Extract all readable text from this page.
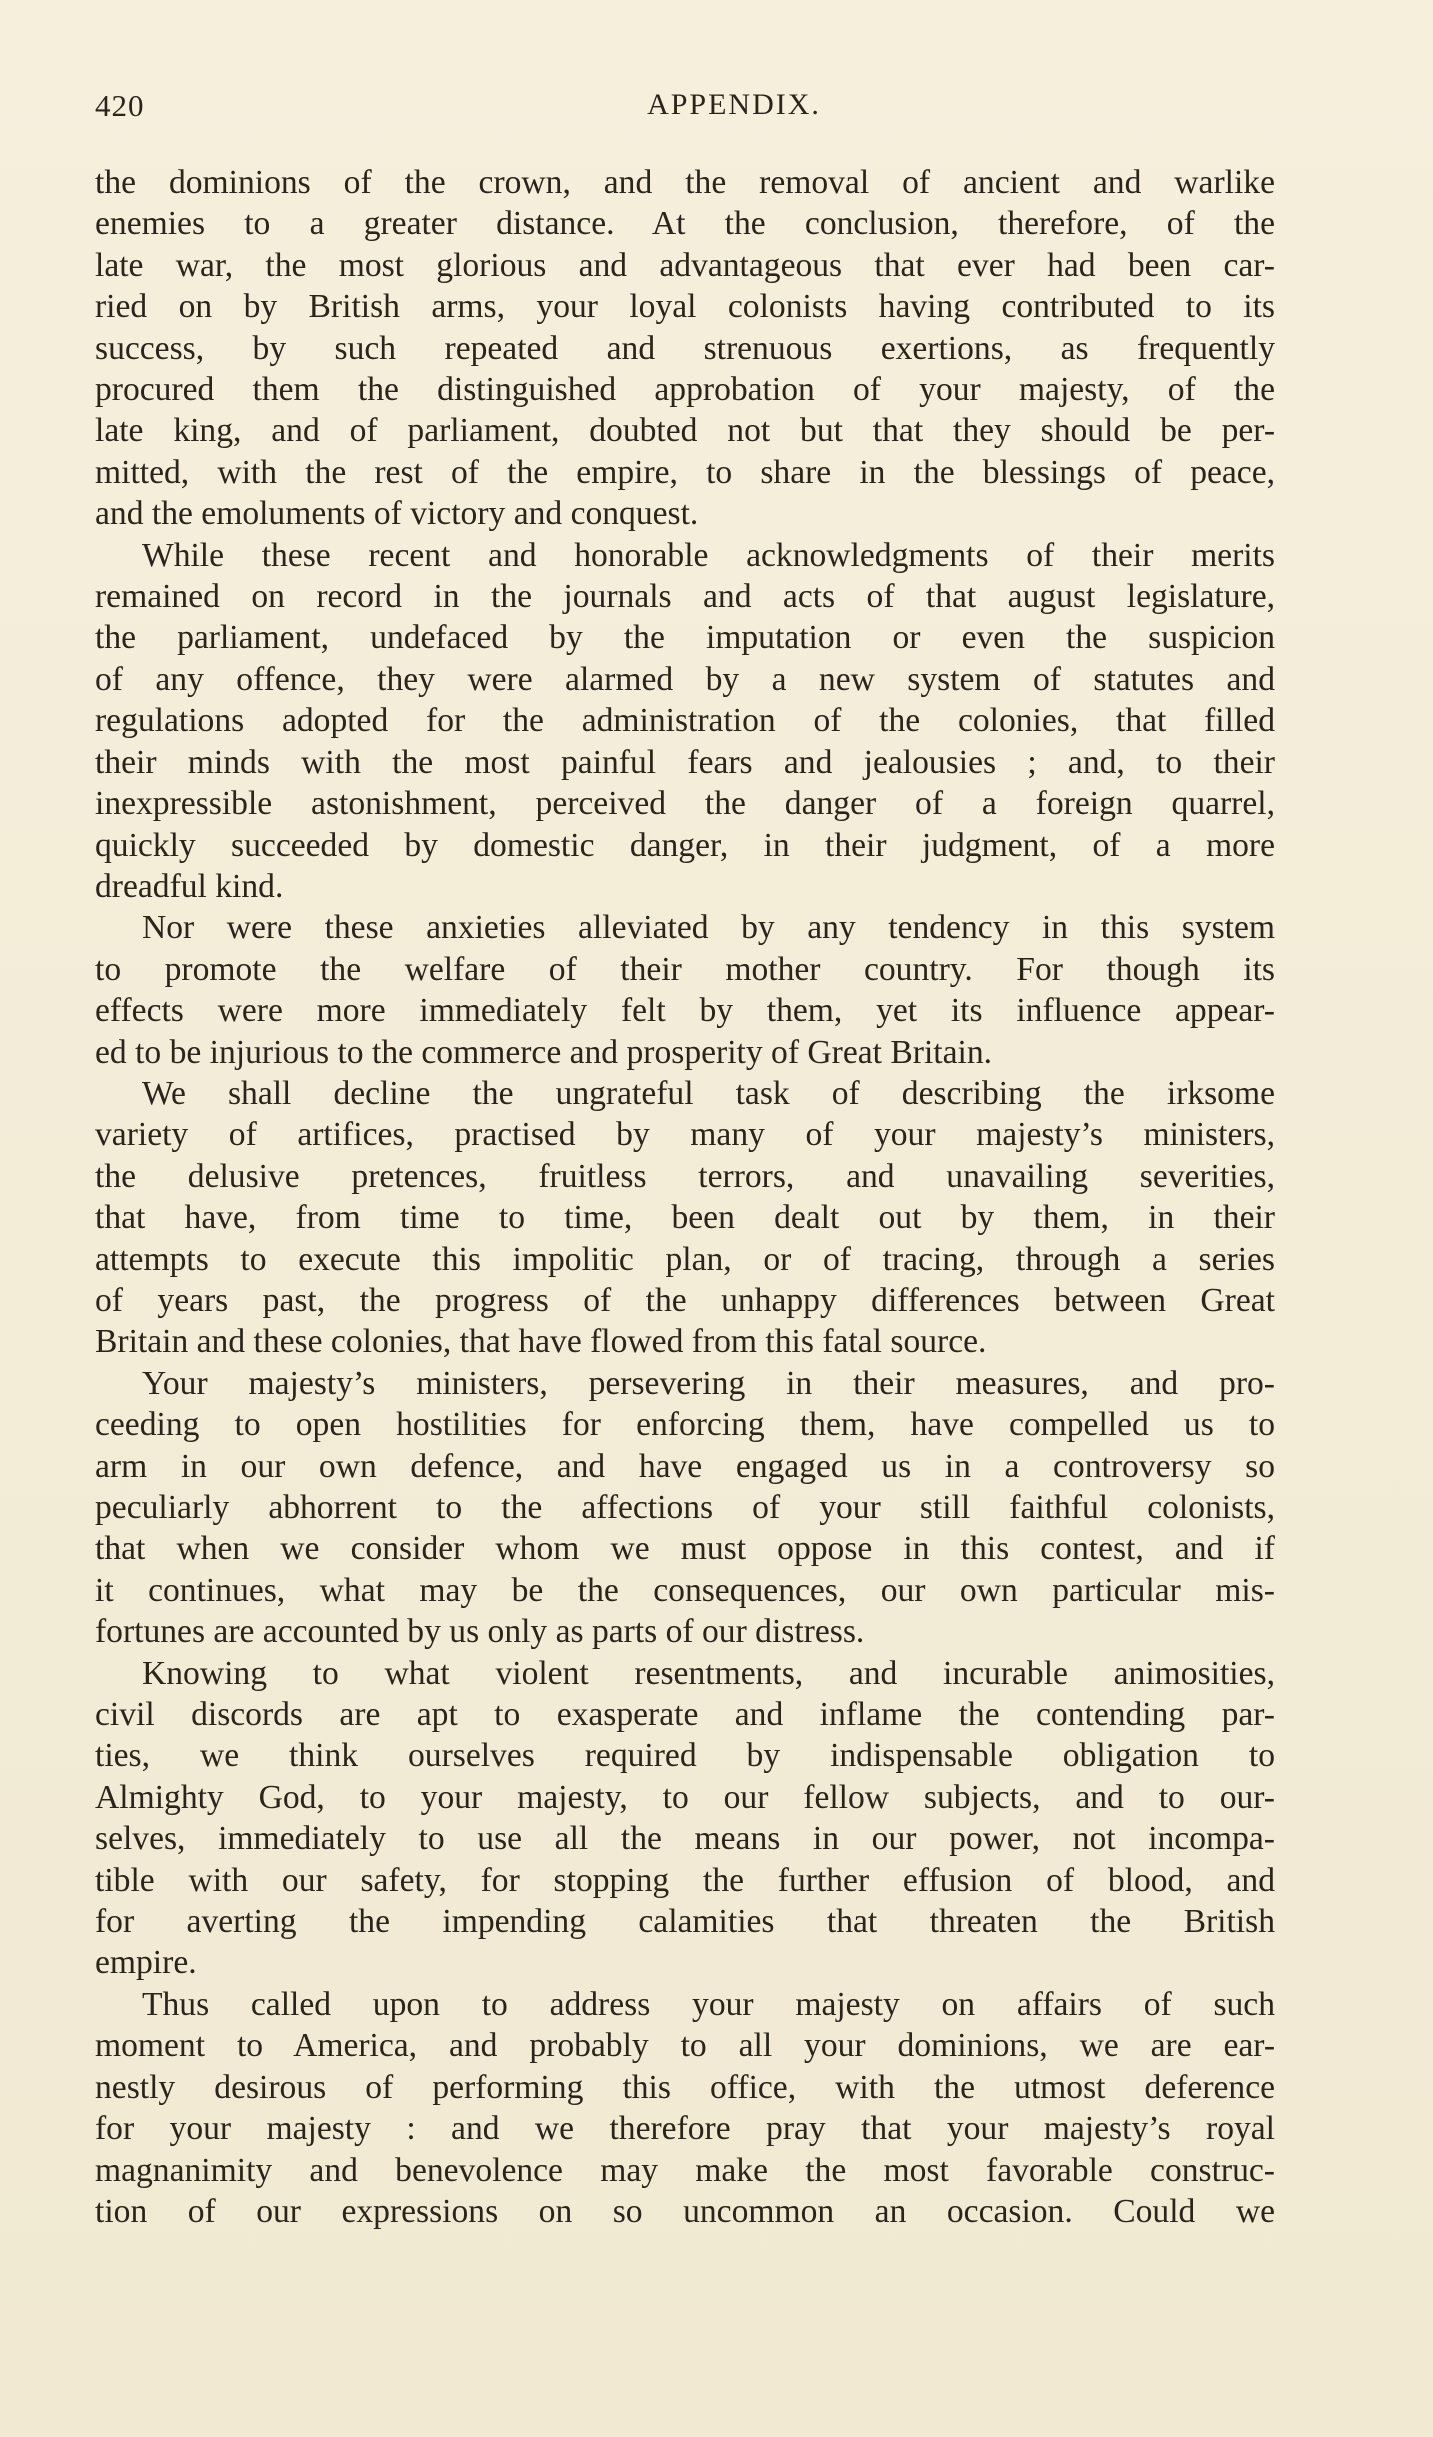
420	APPENDIX.
the dominions of the crown, and the removal of ancient and warlike
enemies to a greater distance. At the conclusion, therefore, of the
late war, the most glorious and advantageous that ever had been car-
ried on by British arms, your loyal colonists having contributed to its
success, by such repeated and strenuous exertions, as frequently
procured them the distinguished approbation of your majesty, of the
late king, and of parliament, doubted not but that they should be per-
mitted, with the rest of the empire, to share in the blessings of peace,
and the emoluments of victory and conquest.
While these recent and honorable acknowledgments of their merits
remained on record in the journals and acts of that august legislature,
the parliament, undefaced by the imputation or even the suspicion
of any offence, they were alarmed by a new system of statutes and
regulations adopted for the administration of the colonies, that filled
their minds with the most painful fears and jealousies ; and, to their
inexpressible astonishment, perceived the danger of a foreign quarrel,
quickly succeeded by domestic danger, in their judgment, of a more
dreadful kind.
Nor were these anxieties alleviated by any tendency in this system
to promote the welfare of their mother country. For though its
effects were more immediately felt by them, yet its influence appear-
ed to be injurious to the commerce and prosperity of Great Britain.
We shall decline the ungrateful task of describing the irksome
variety of artifices, practised by many of your majesty’s ministers,
the delusive pretences, fruitless terrors, and unavailing severities,
that have, from time to time, been dealt out by them, in their
attempts to execute this impolitic plan, or of tracing, through a series
of years past, the progress of the unhappy differences between Great
Britain and these colonies, that have flowed from this fatal source.
Your majesty’s ministers, persevering in their measures, and pro-
ceeding to open hostilities for enforcing them, have compelled us to
arm in our own defence, and have engaged us in a controversy so
peculiarly abhorrent to the affections of your still faithful colonists,
that when we consider whom we must oppose in this contest, and if
it continues, what may be the consequences, our own particular mis-
fortunes are accounted by us only as parts of our distress.
Knowing to what violent resentments, and incurable animosities,
civil discords are apt to exasperate and inflame the contending par-
ties, we think ourselves required by indispensable obligation to
Almighty God, to your majesty, to our fellow subjects, and to our-
selves, immediately to use all the means in our power, not incompa-
tible with our safety, for stopping the further effusion of blood, and
for averting the impending calamities that threaten the British
empire.
Thus called upon to address your majesty on affairs of such
moment to America, and probably to all your dominions, we are ear-
nestly desirous of performing this office, with the utmost deference
for your majesty : and we therefore pray that your majesty’s royal
magnanimity and benevolence may make the most favorable construc-
tion of our expressions on so uncommon an occasion. Could we
